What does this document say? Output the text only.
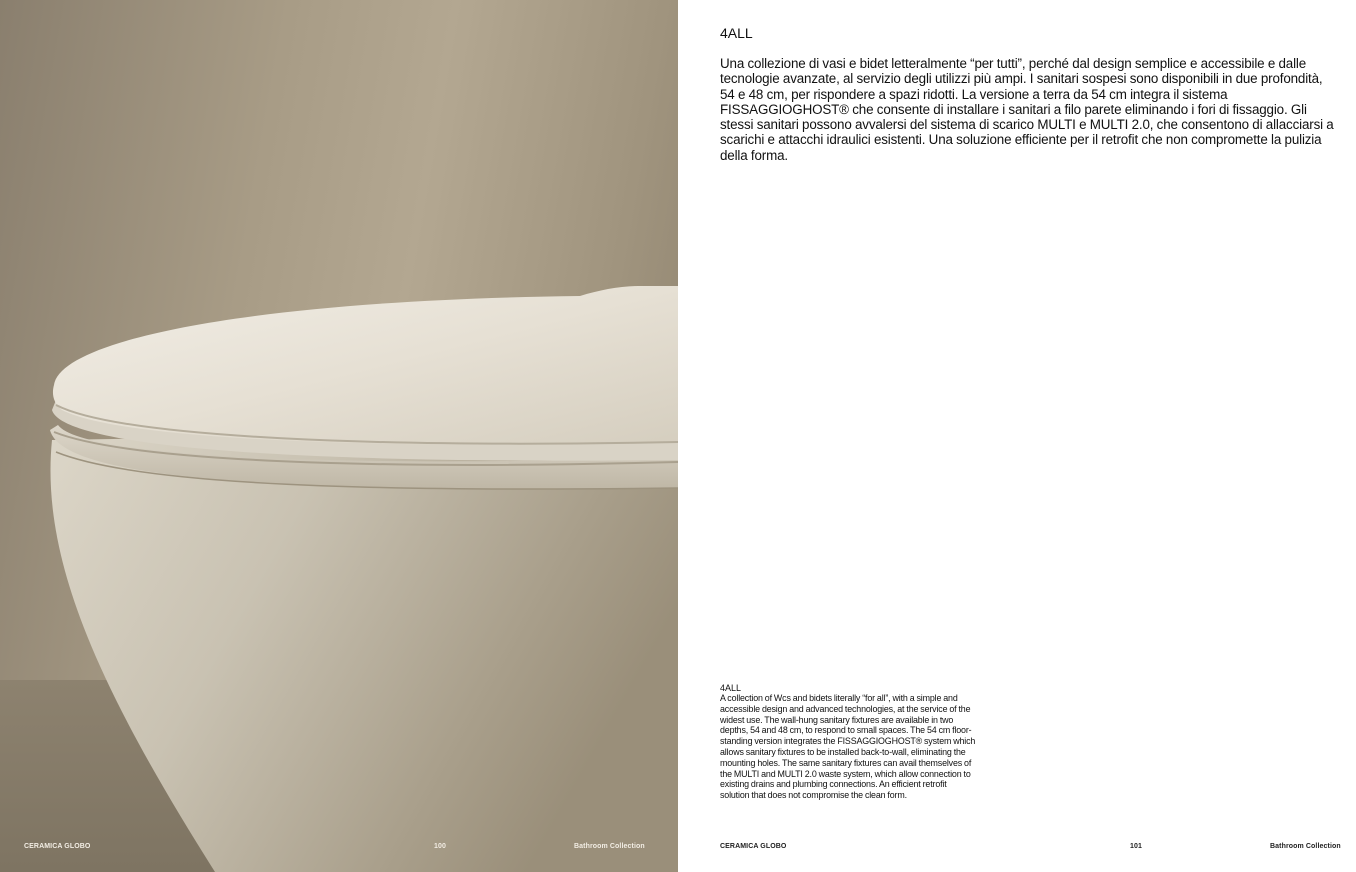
CERAMICA GLOBO	100	Bathroom Collection
4ALL

Una collezione di vasi e bidet letteralmente “per tutti”, perché dal design semplice e accessibile e dalle tecnologie avanzate, al servizio degli utilizzi più ampi. I sanitari sospesi sono disponibili in due profondità, 54 e 48 cm, per rispondere a spazi ridotti. La versione a terra da 54 cm integra il sistema FISSAGGIOGHOST® che consente di installare i sanitari a filo parete eliminando i fori di fissaggio. Gli stessi sanitari possono avvalersi del sistema di scarico MULTI e MULTI 2.0, che consentono di allacciarsi a scarichi e attacchi idraulici esistenti. Una soluzione efficiente per il retrofit che non compromette la pulizia della forma.

4ALL

A collection of Wcs and bidets literally “for all”, with a simple and accessible design and advanced technologies, at the service of the widest use. The wall-hung sanitary fixtures are available in two depths, 54 and 48 cm, to respond to small spaces. The 54 cm floor-standing version integrates the FISSAGGIOGHOST® system which allows sanitary fixtures to be installed back-to-wall, eliminating the mounting holes. The same sanitary fixtures can avail themselves of the MULTI and MULTI 2.0 waste system, which allow connection to existing drains and plumbing connections. An efficient retrofit solution that does not compromise the clean form.

CERAMICA GLOBO	101	Bathroom Collection
